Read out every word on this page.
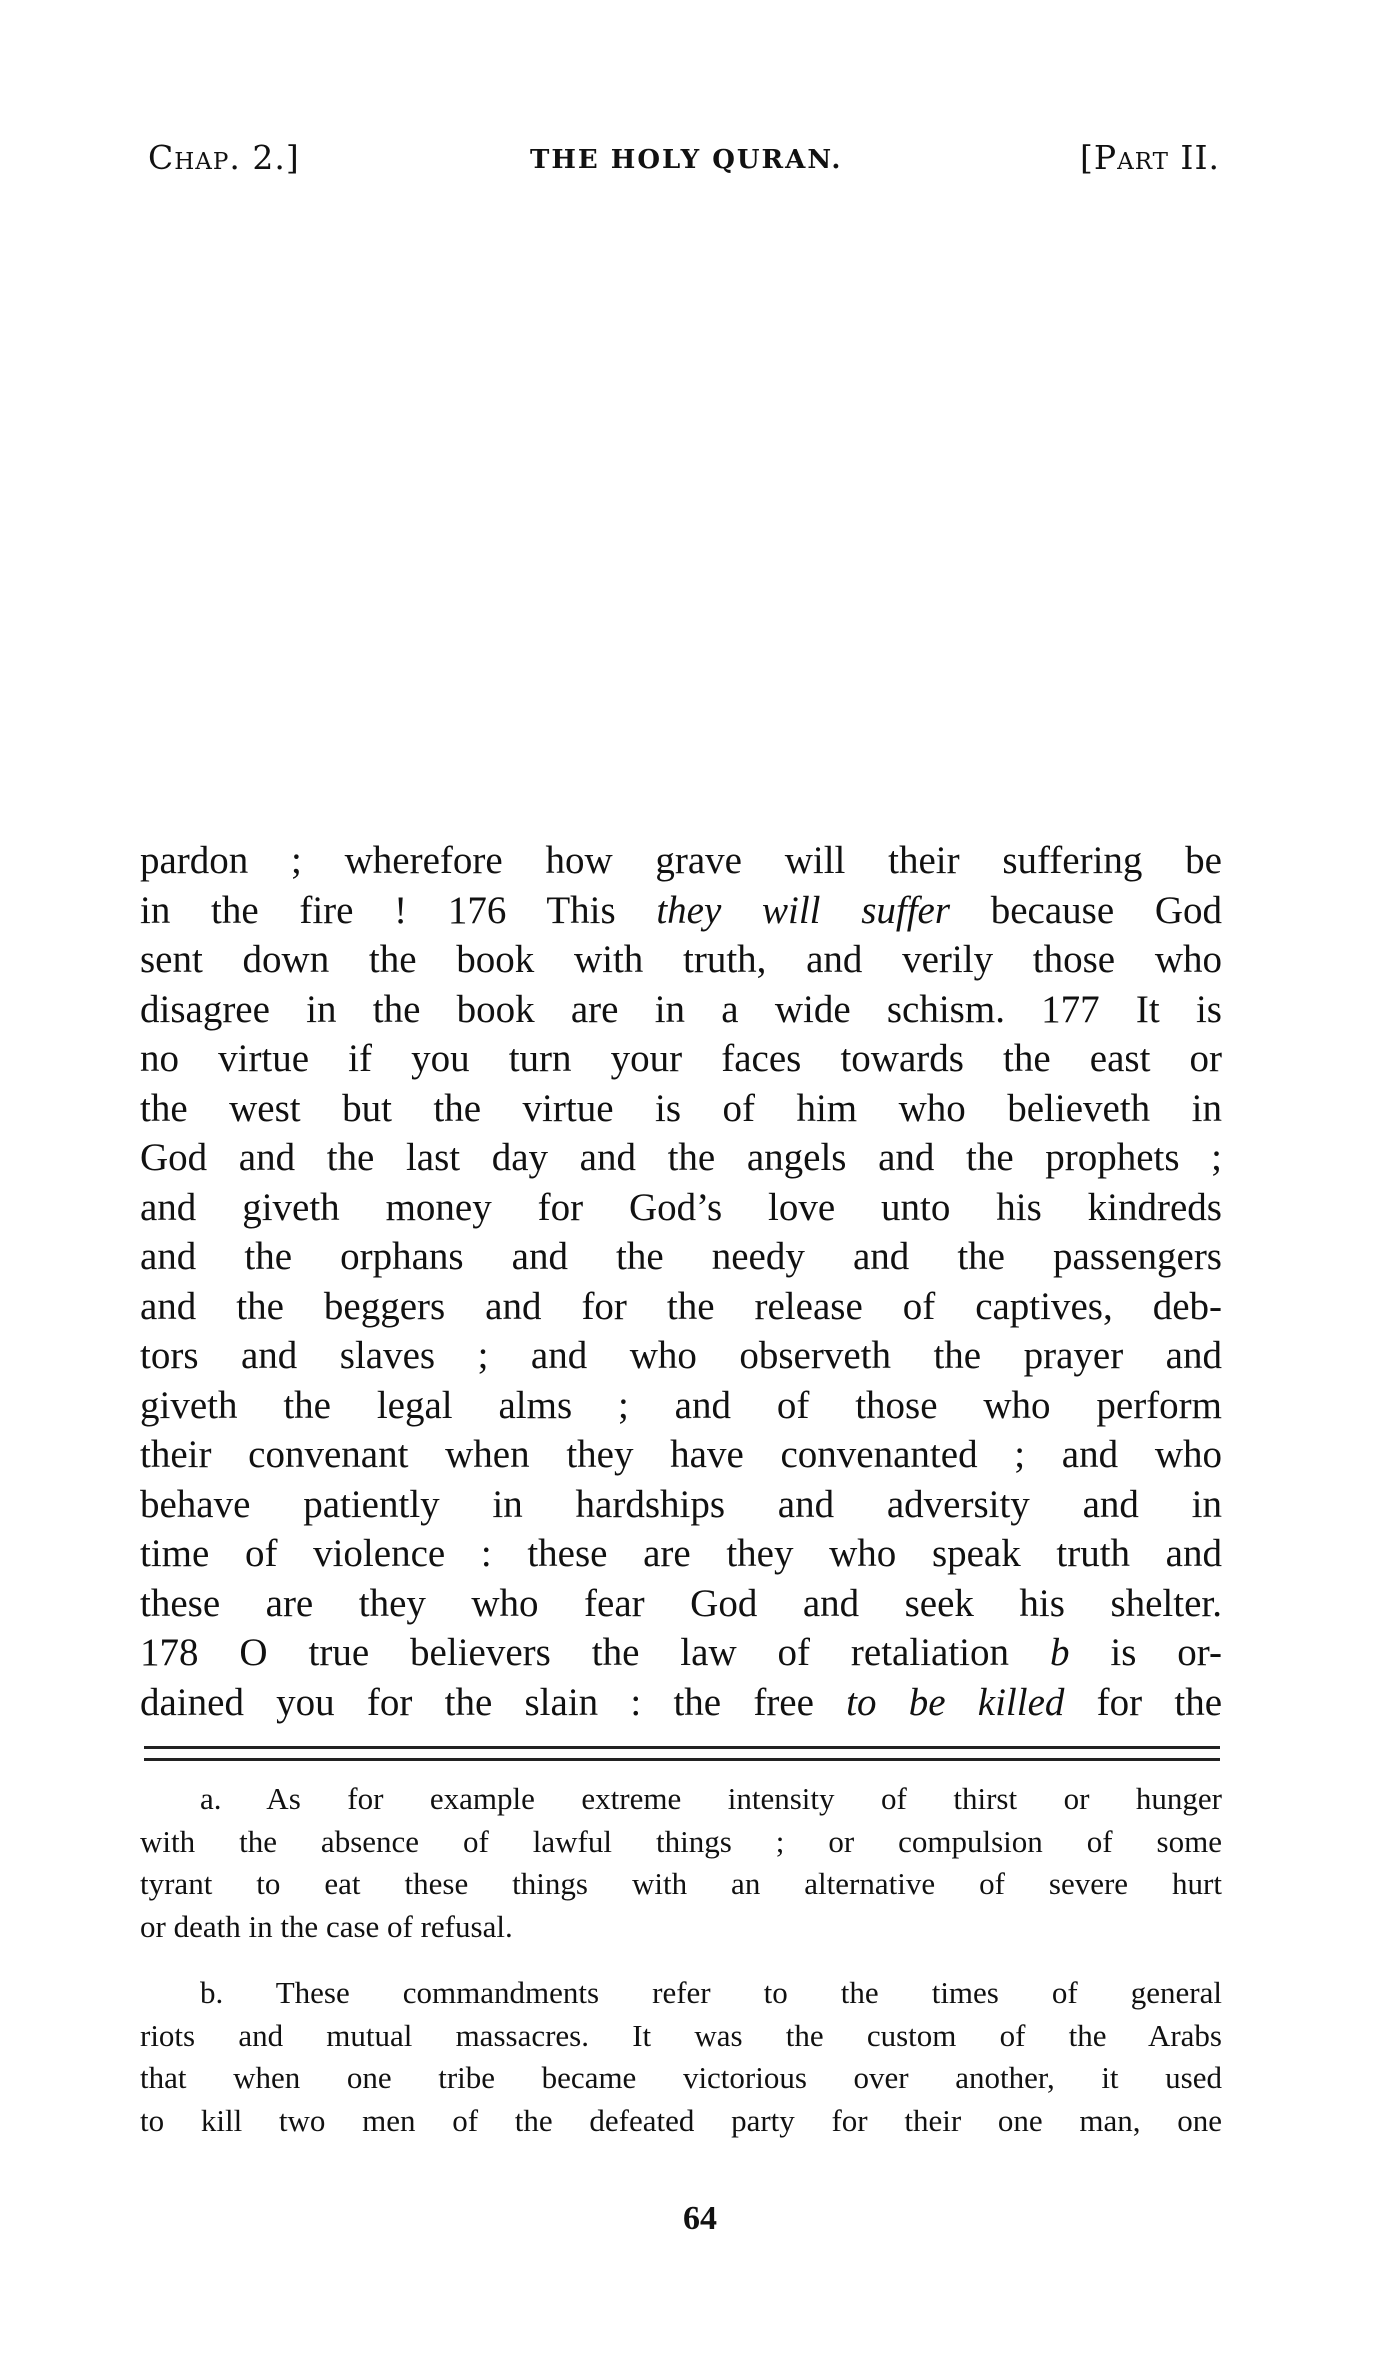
Chap. 2.]	THE HOLY QURAN.	[Part II.
pardon ; wherefore how grave will their suffering be
in the fire ! 176 This they will suffer because God
sent down the book with truth, and verily those who
disagree in the book are in a wide schism. 177 It is
no virtue if you turn your faces towards the east or
the west but the virtue is of him who believeth in
God and the last day and the angels and the prophets ;
and giveth money for God’s love unto his kindreds
and the orphans and the needy and the passengers
and the beggers and for the release of captives, deb-
tors and slaves ; and who observeth the prayer and
giveth the legal alms ; and of those who perform
their convenant when they have convenanted ; and who
behave patiently in hardships and adversity and in
time of violence : these are they who speak truth and
these are they who fear God and seek his shelter.
178 O true believers the law of retaliation b is or-
dained you for the slain : the free to be killed for the
a. As for example extreme intensity of thirst or hunger
with the absence of lawful things ; or compulsion of some
tyrant to eat these things with an alternative of severe hurt
or death in the case of refusal.
b. These commandments refer to the times of general
riots and mutual massacres. It was the custom of the Arabs
that when one tribe became victorious over another, it used
to kill two men of the defeated party for their one man, one
64
